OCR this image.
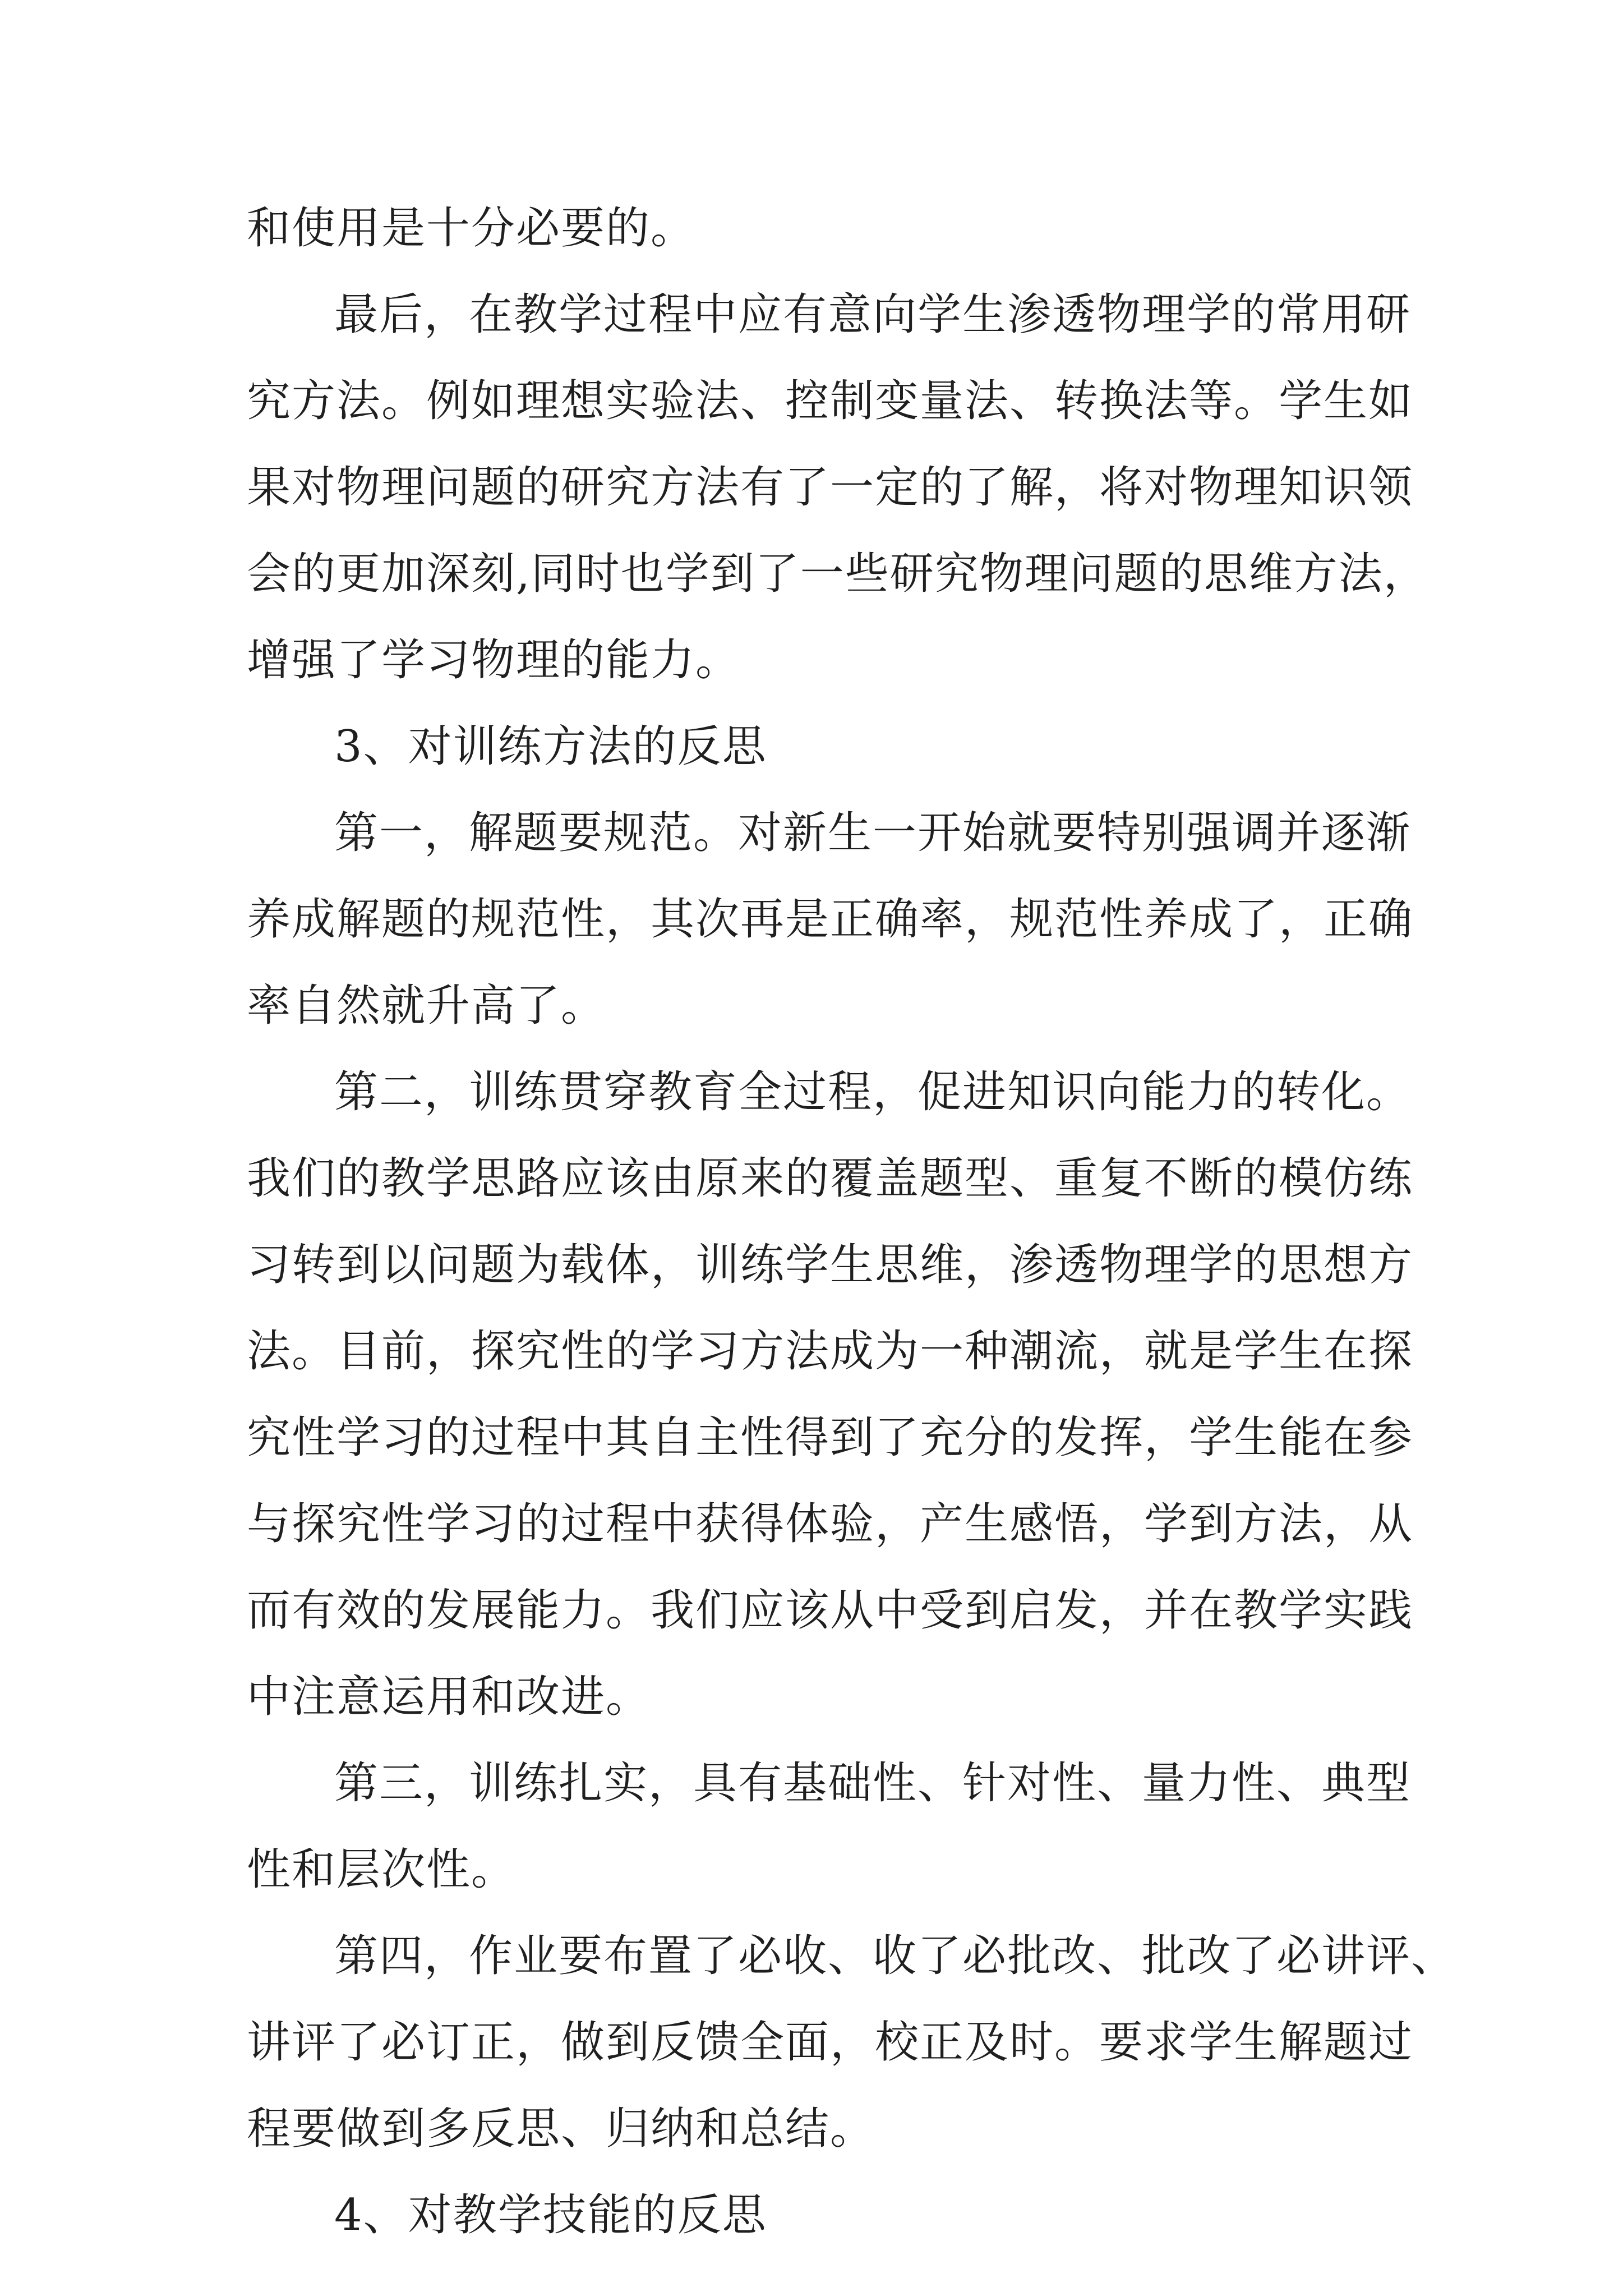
和使用是十分必要的。
最后，在教学过程中应有意向学生渗透物理学的常用研
究方法。例如理想实验法、控制变量法、转换法等。学生如
果对物理问题的研究方法有了一定的了解，将对物理知识领
会的更加深刻,同时也学到了一些研究物理问题的思维方法，
增强了学习物理的能力。
3、对训练方法的反思
第一，解题要规范。对新生一开始就要特别强调并逐渐
养成解题的规范性，其次再是正确率，规范性养成了，正确
率自然就升高了。
第二，训练贯穿教育全过程，促进知识向能力的转化。
我们的教学思路应该由原来的覆盖题型、重复不断的模仿练
习转到以问题为载体，训练学生思维，渗透物理学的思想方
法。目前，探究性的学习方法成为一种潮流，就是学生在探
究性学习的过程中其自主性得到了充分的发挥，学生能在参
与探究性学习的过程中获得体验，产生感悟，学到方法，从
而有效的发展能力。我们应该从中受到启发，并在教学实践
中注意运用和改进。
第三，训练扎实，具有基础性、针对性、量力性、典型
性和层次性。
第四，作业要布置了必收、收了必批改、批改了必讲评、
讲评了必订正，做到反馈全面，校正及时。要求学生解题过
程要做到多反思、归纳和总结。
4、对教学技能的反思
